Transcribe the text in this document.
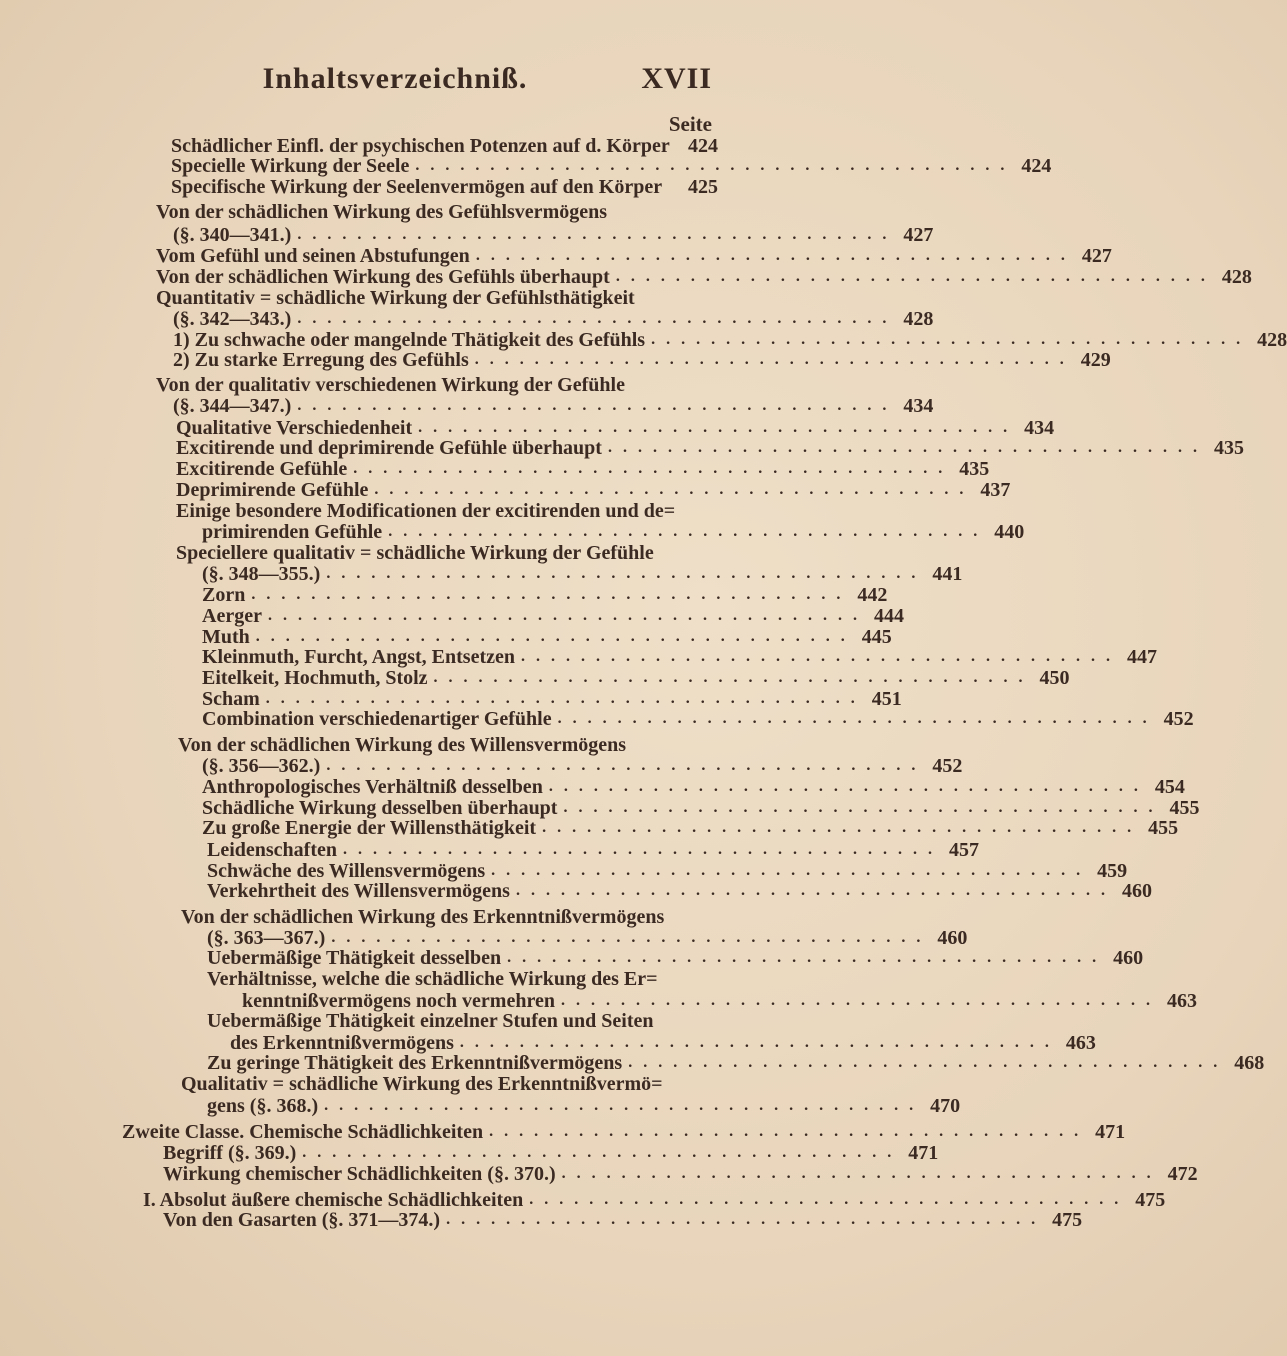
Inhaltsverzeichniß.	XVII
Seite
Schädlicher Einfl. der psychischen Potenzen auf d. Körper 424
Specielle Wirkung der Seele ........................................ 424
Specifische Wirkung der Seelenvermögen auf den Körper	425
Von der schädlichen Wirkung des Gefühlsvermögens
(§. 340—341.) ........................................ 427
Vom Gefühl und seinen Abstufungen ........................................ 427
Von der schädlichen Wirkung des Gefühls überhaupt ........................................ 428
Quantitativ = schädliche Wirkung der Gefühlsthätigkeit
(§. 342—343.) ........................................ 428
1) Zu schwache oder mangelnde Thätigkeit des Gefühls ........................................ 428
2) Zu starke Erregung des Gefühls ........................................ 429
Von der qualitativ verschiedenen Wirkung der Gefühle
(§. 344—347.) ........................................ 434
Qualitative Verschiedenheit ........................................ 434
Excitirende und deprimirende Gefühle überhaupt ........................................ 435
Excitirende Gefühle ........................................ 435
Deprimirende Gefühle ........................................ 437
Einige besondere Modificationen der excitirenden und de=
primirenden Gefühle ........................................ 440
Speciellere qualitativ = schädliche Wirkung der Gefühle
(§. 348—355.) ........................................ 441
Zorn ........................................ 442
Aerger ........................................ 444
Muth ........................................ 445
Kleinmuth, Furcht, Angst, Entsetzen ........................................ 447
Eitelkeit, Hochmuth, Stolz ........................................ 450
Scham ........................................ 451
Combination verschiedenartiger Gefühle ........................................ 452
Von der schädlichen Wirkung des Willensvermögens
(§. 356—362.) ........................................ 452
Anthropologisches Verhältniß desselben ........................................ 454
Schädliche Wirkung desselben überhaupt ........................................ 455
Zu große Energie der Willensthätigkeit ........................................ 455
Leidenschaften ........................................ 457
Schwäche des Willensvermögens ........................................ 459
Verkehrtheit des Willensvermögens ........................................ 460
Von der schädlichen Wirkung des Erkenntnißvermögens
(§. 363—367.) ........................................ 460
Uebermäßige Thätigkeit desselben ........................................ 460
Verhältnisse, welche die schädliche Wirkung des Er=
kenntnißvermögens noch vermehren ........................................ 463
Uebermäßige Thätigkeit einzelner Stufen und Seiten
des Erkenntnißvermögens ........................................ 463
Zu geringe Thätigkeit des Erkenntnißvermögens ........................................ 468
Qualitativ = schädliche Wirkung des Erkenntnißvermö=
gens (§. 368.) ........................................ 470
Zweite Classe. Chemische Schädlichkeiten ........................................ 471
Begriff (§. 369.) ........................................ 471
Wirkung chemischer Schädlichkeiten (§. 370.) ........................................ 472
I. Absolut äußere chemische Schädlichkeiten ........................................ 475
Von den Gasarten (§. 371—374.) ........................................ 475
